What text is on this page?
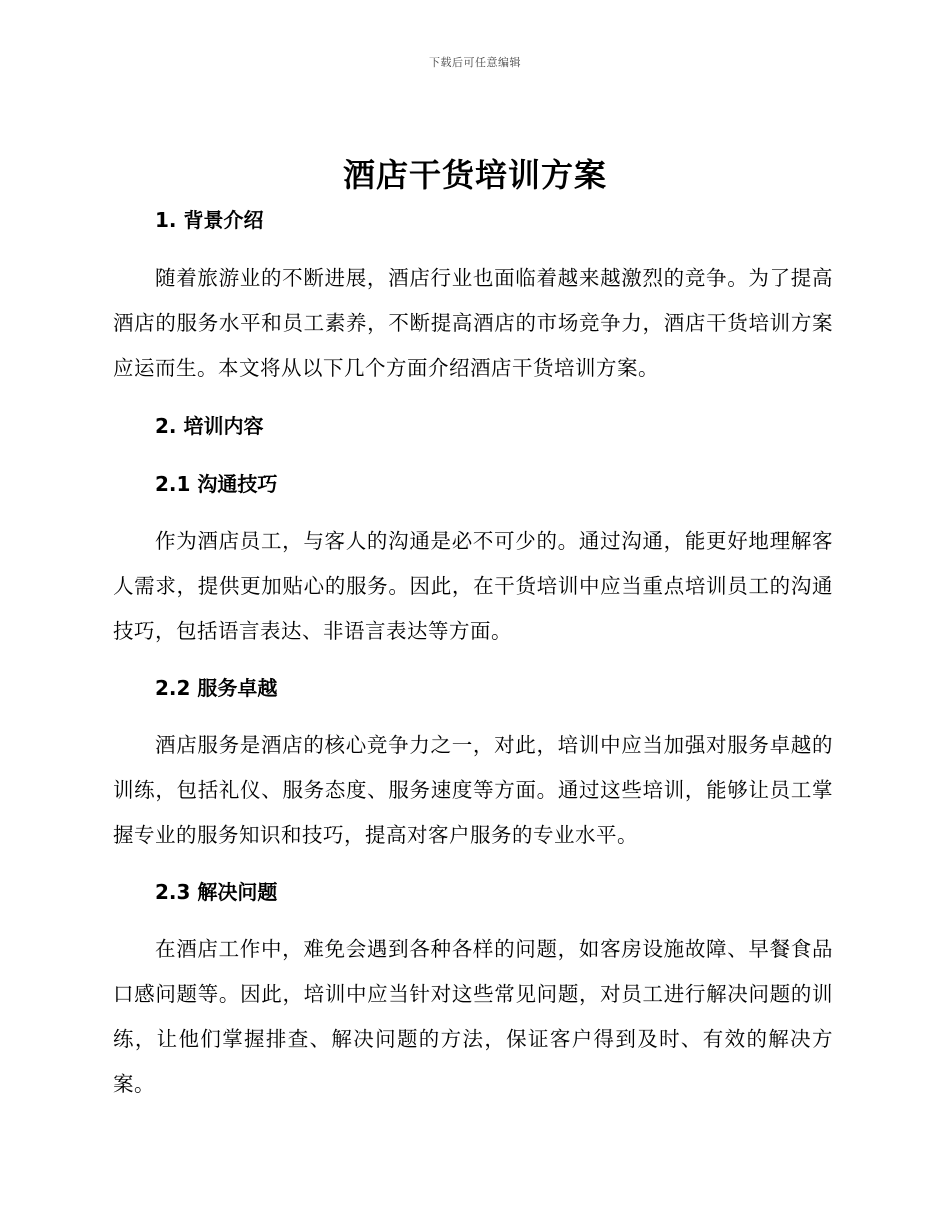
下载后可任意编辑
酒店干货培训方案
1. 背景介绍

随着旅游业的不断进展，酒店行业也面临着越来越激烈的竞争。为了提高酒店的服务水平和员工素养，不断提高酒店的市场竞争力，酒店干货培训方案应运而生。本文将从以下几个方面介绍酒店干货培训方案。

2. 培训内容
2.1 沟通技巧

作为酒店员工，与客人的沟通是必不可少的。通过沟通，能更好地理解客人需求，提供更加贴心的服务。因此，在干货培训中应当重点培训员工的沟通技巧，包括语言表达、非语言表达等方面。

2.2 服务卓越

酒店服务是酒店的核心竞争力之一，对此，培训中应当加强对服务卓越的训练，包括礼仪、服务态度、服务速度等方面。通过这些培训，能够让员工掌握专业的服务知识和技巧，提高对客户服务的专业水平。

2.3 解决问题

在酒店工作中，难免会遇到各种各样的问题，如客房设施故障、早餐食品口感问题等。因此，培训中应当针对这些常见问题，对员工进行解决问题的训练，让他们掌握排查、解决问题的方法，保证客户得到及时、有效的解决方案。
